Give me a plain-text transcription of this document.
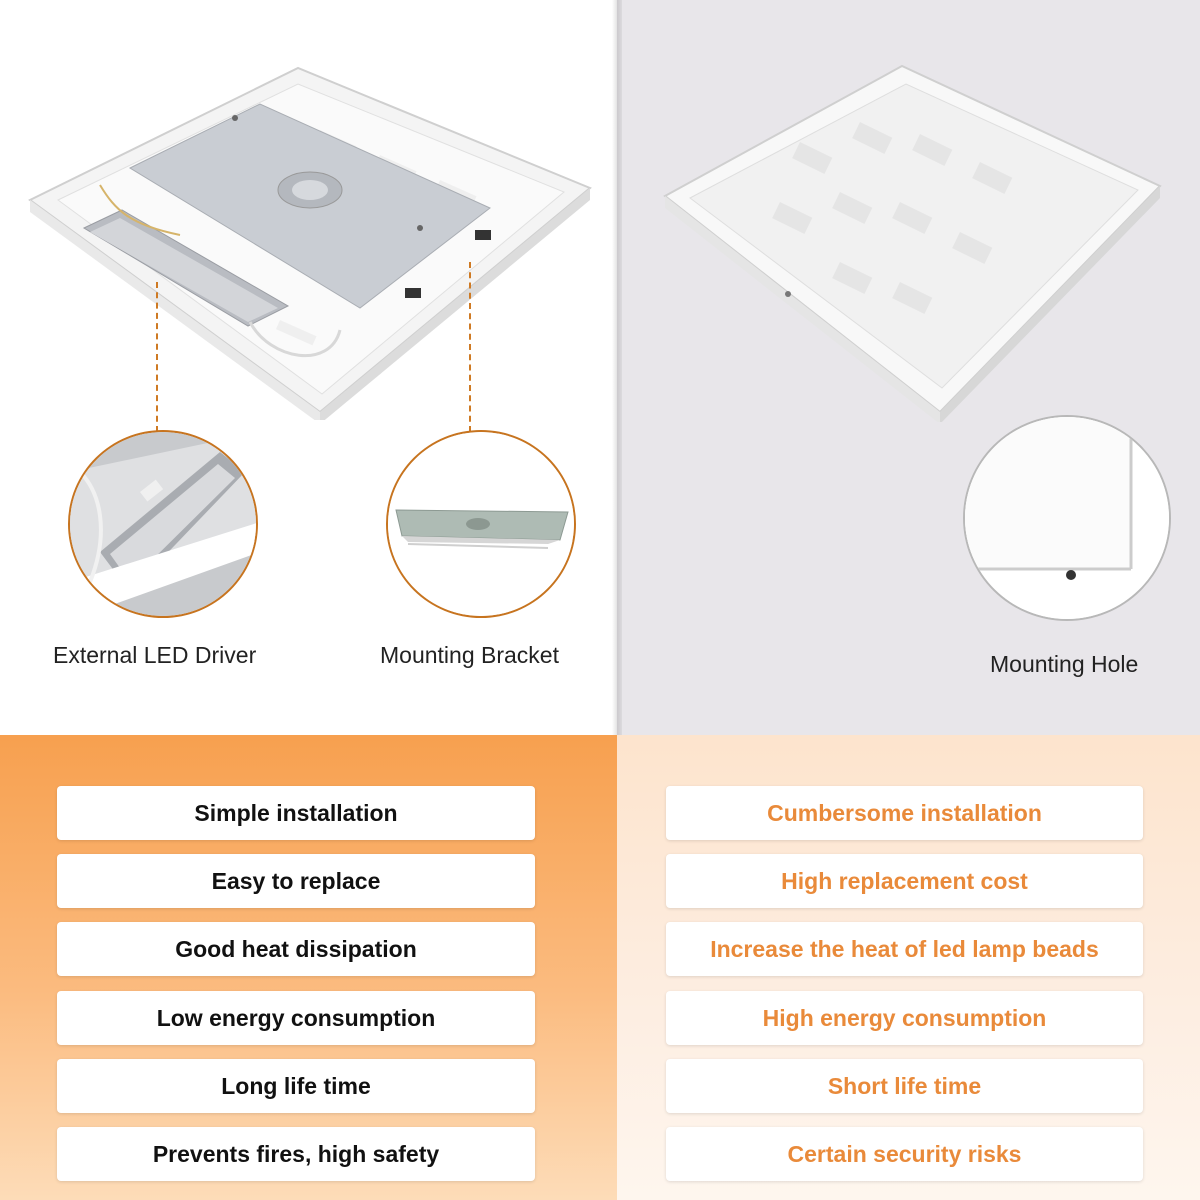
External LED Driver	Mounting Bracket	Mounting Hole
Simple installation
Easy to replace
Good heat dissipation
Low energy consumption
Long life time
Prevents fires, high safety
Cumbersome installation
High replacement cost
Increase the heat of led lamp beads
High energy consumption
Short life time
Certain security risks
